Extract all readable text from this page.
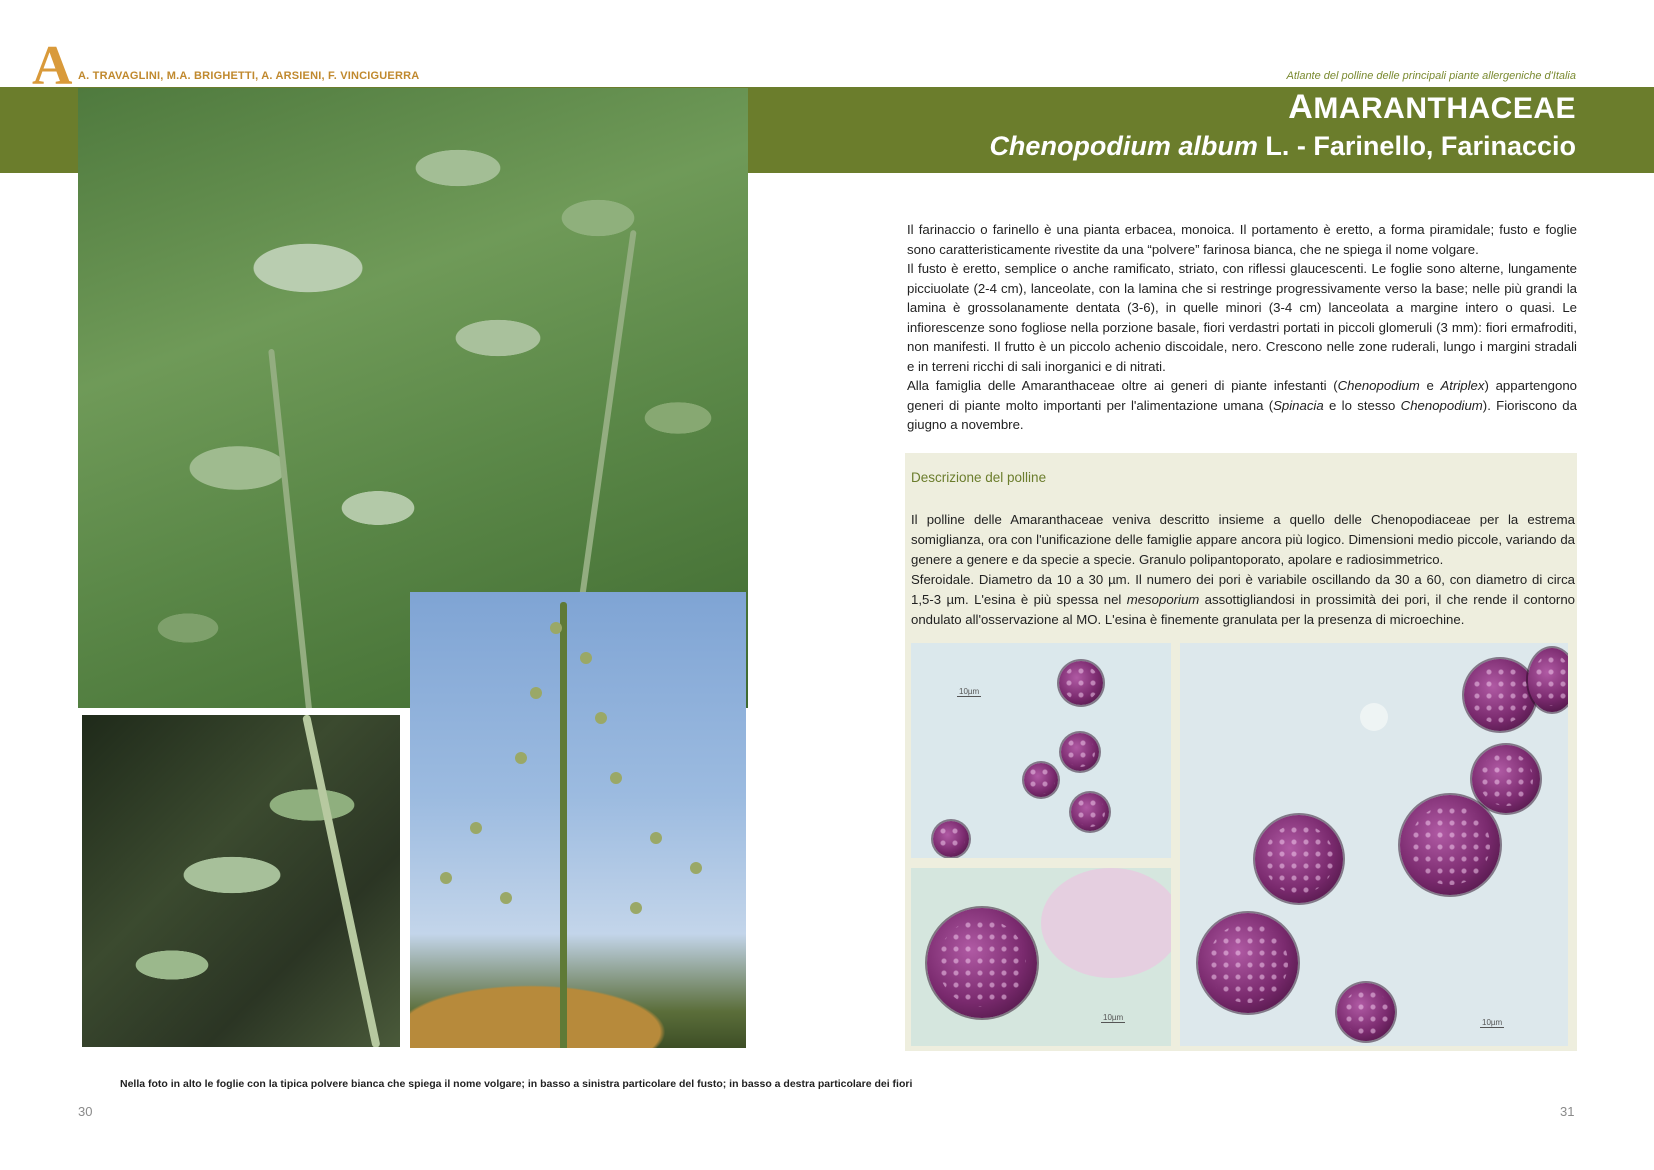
A A. TRAVAGLINI, M.A. BRIGHETTI, A. ARSIENI, F. VINCIGUERRA	Atlante del polline delle principali piante allergeniche d'Italia
AMARANTHACEAE
Chenopodium album L. - Farinello, Farinaccio
Nella foto in alto le foglie con la tipica polvere bianca che spiega il nome volgare; in basso a sinistra particolare del fusto; in basso a destra particolare dei fiori
30	31

Il farinaccio o farinello è una pianta erbacea, monoica. Il portamento è eretto, a forma piramidale; fusto e foglie sono caratteristicamente rivestite da una “polvere” farinosa bianca, che ne spiega il nome volgare.

Il fusto è eretto, semplice o anche ramificato, striato, con riflessi glaucescenti. Le foglie sono alterne, lungamente picciuolate (2-4 cm), lanceolate, con la lamina che si restringe progressivamente verso la base; nelle più grandi la lamina è grossolanamente dentata (3-6), in quelle minori (3-4 cm) lanceolata a margine intero o quasi. Le infiorescenze sono fogliose nella porzione basale, fiori verdastri portati in piccoli glomeruli (3 mm): fiori ermafroditi, non manifesti. Il frutto è un piccolo achenio discoidale, nero. Crescono nelle zone ruderali, lungo i margini stradali e in terreni ricchi di sali inorganici e di nitrati.

Alla famiglia delle Amaranthaceae oltre ai generi di piante infestanti (Chenopodium e Atriplex) appartengono generi di piante molto importanti per l'alimentazione umana (Spinacia e lo stesso Chenopodium). Fioriscono da giugno a novembre.

Descrizione del polline

Il polline delle Amaranthaceae veniva descritto insieme a quello delle Chenopodiaceae per la estrema somiglianza, ora con l'unificazione delle famiglie appare ancora più logico. Dimensioni medio piccole, variando da genere a genere e da specie a specie. Granulo polipantoporato, apolare e radiosimmetrico.

Sferoidale. Diametro da 10 a 30 µm. Il numero dei pori è variabile oscillando da 30 a 60, con diametro di circa 1,5-3 µm. L'esina è più spessa nel mesoporium assottigliandosi in prossimità dei pori, il che rende il contorno ondulato all'osservazione al MO. L'esina è finemente granulata per la presenza di microechine.

10µm
10µm
10µm
